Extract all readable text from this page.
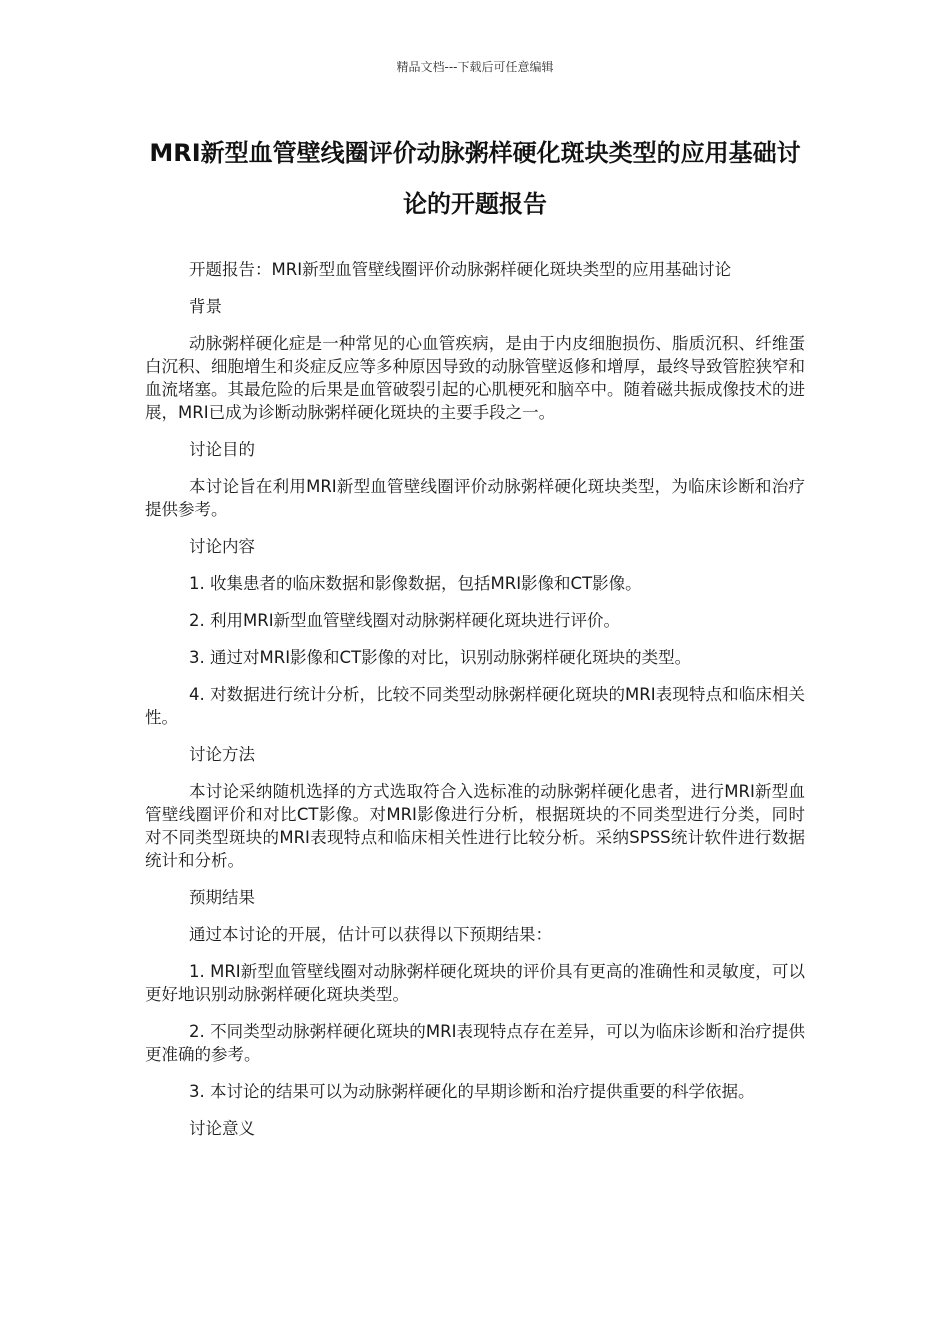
精品文档---下载后可任意编辑
MRI新型血管壁线圈评价动脉粥样硬化斑块类型的应用基础讨论的开题报告

开题报告：MRI新型血管壁线圈评价动脉粥样硬化斑块类型的应用基础讨论

背景

动脉粥样硬化症是一种常见的心血管疾病，是由于内皮细胞损伤、脂质沉积、纤维蛋白沉积、细胞增生和炎症反应等多种原因导致的动脉管壁返修和增厚，最终导致管腔狭窄和血流堵塞。其最危险的后果是血管破裂引起的心肌梗死和脑卒中。随着磁共振成像技术的进展，MRI已成为诊断动脉粥样硬化斑块的主要手段之一。

讨论目的

本讨论旨在利用MRI新型血管壁线圈评价动脉粥样硬化斑块类型，为临床诊断和治疗提供参考。

讨论内容

1. 收集患者的临床数据和影像数据，包括MRI影像和CT影像。

2. 利用MRI新型血管壁线圈对动脉粥样硬化斑块进行评价。

3. 通过对MRI影像和CT影像的对比，识别动脉粥样硬化斑块的类型。

4. 对数据进行统计分析，比较不同类型动脉粥样硬化斑块的MRI表现特点和临床相关性。

讨论方法

本讨论采纳随机选择的方式选取符合入选标准的动脉粥样硬化患者，进行MRI新型血管壁线圈评价和对比CT影像。对MRI影像进行分析，根据斑块的不同类型进行分类，同时对不同类型斑块的MRI表现特点和临床相关性进行比较分析。采纳SPSS统计软件进行数据统计和分析。

预期结果

通过本讨论的开展，估计可以获得以下预期结果：

1. MRI新型血管壁线圈对动脉粥样硬化斑块的评价具有更高的准确性和灵敏度，可以更好地识别动脉粥样硬化斑块类型。

2. 不同类型动脉粥样硬化斑块的MRI表现特点存在差异，可以为临床诊断和治疗提供更准确的参考。

3. 本讨论的结果可以为动脉粥样硬化的早期诊断和治疗提供重要的科学依据。

讨论意义
